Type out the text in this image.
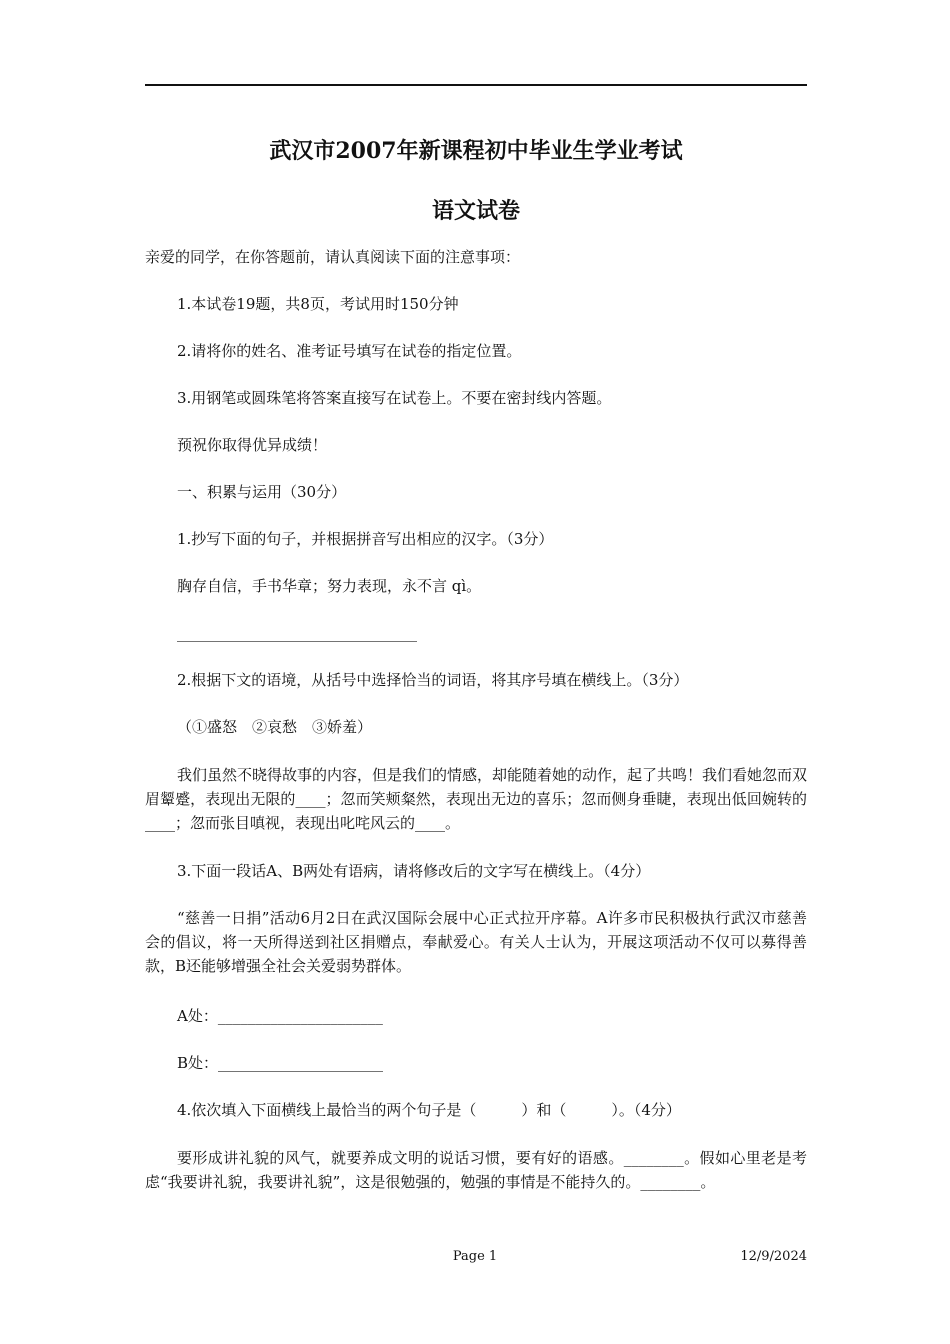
武汉市2007年新课程初中毕业生学业考试
语文试卷

亲爱的同学，在你答题前，请认真阅读下面的注意事项：

1.本试卷19题，共8页，考试用时150分钟

2.请将你的姓名、准考证号填写在试卷的指定位置。

3.用钢笔或圆珠笔将答案直接写在试卷上。不要在密封线内答题。

预祝你取得优异成绩！

一、积累与运用（30分）

1.抄写下面的句子，并根据拼音写出相应的汉字。（3分）

胸存自信，手书华章；努力表现，永不言 qì。

________________________________

2.根据下文的语境，从括号中选择恰当的词语，将其序号填在横线上。（3分）

（①盛怒　②哀愁　③娇羞）

我们虽然不晓得故事的内容，但是我们的情感，却能随着她的动作，起了共鸣！我们看她忽而双眉颦蹙，表现出无限的____；忽而笑颊粲然，表现出无边的喜乐；忽而侧身垂睫，表现出低回婉转的____；忽而张目嗔视，表现出叱咤风云的____。

3.下面一段话A、B两处有语病，请将修改后的文字写在横线上。（4分）

“慈善一日捐”活动6月2日在武汉国际会展中心正式拉开序幕。A许多市民积极执行武汉市慈善会的倡议，将一天所得送到社区捐赠点，奉献爱心。有关人士认为，开展这项活动不仅可以募得善款，B还能够增强全社会关爱弱势群体。

A处：______________________

B处：______________________

4.依次填入下面横线上最恰当的两个句子是（　　　）和（　　　）。（4分）

要形成讲礼貌的风气，就要养成文明的说话习惯，要有好的语感。________。假如心里老是考虑“我要讲礼貌，我要讲礼貌”，这是很勉强的，勉强的事情是不能持久的。________。

Page 1	12/9/2024
